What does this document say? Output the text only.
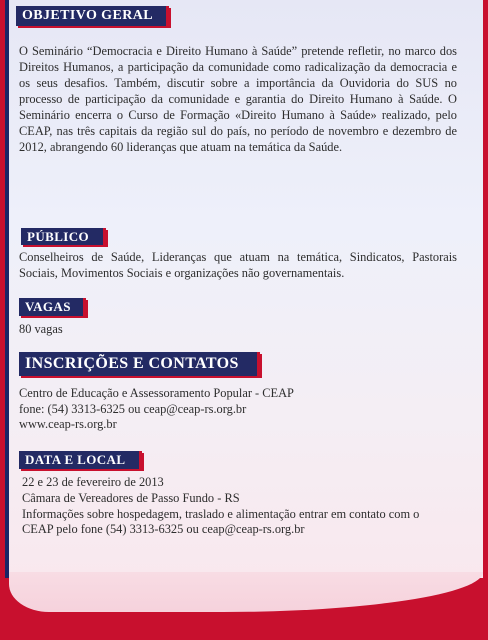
OBJETIVO GERAL
O Seminário “Democracia e Direito Humano à Saúde” pretende refletir, no marco dos Direitos Humanos, a participação da comunidade como radicalização da democracia e os seus desafios. Também, discutir sobre a importância da Ouvidoria do SUS no processo de participação da comunidade e garantia do Direito Humano à Saúde. O Seminário encerra o Curso de Formação «Direito Humano à Saúde» realizado, pelo CEAP, nas três capitais da região sul do país, no período de novembro e dezembro de 2012, abrangendo 60 lideranças que atuam na temática da Saúde.
PÚBLICO
Conselheiros de Saúde, Lideranças que atuam na temática, Sindicatos, Pastorais Sociais, Movimentos Sociais e organizações não governamentais.
VAGAS
80 vagas
INSCRIÇÕES E CONTATOS
Centro de Educação e Assessoramento Popular - CEAP
fone: (54) 3313-6325 ou ceap@ceap-rs.org.br
www.ceap-rs.org.br
DATA E LOCAL
22 e 23 de fevereiro de 2013
Câmara de Vereadores de Passo Fundo - RS
Informações sobre hospedagem, traslado e alimentação entrar em contato com o
CEAP pelo fone (54) 3313-6325 ou ceap@ceap-rs.org.br
